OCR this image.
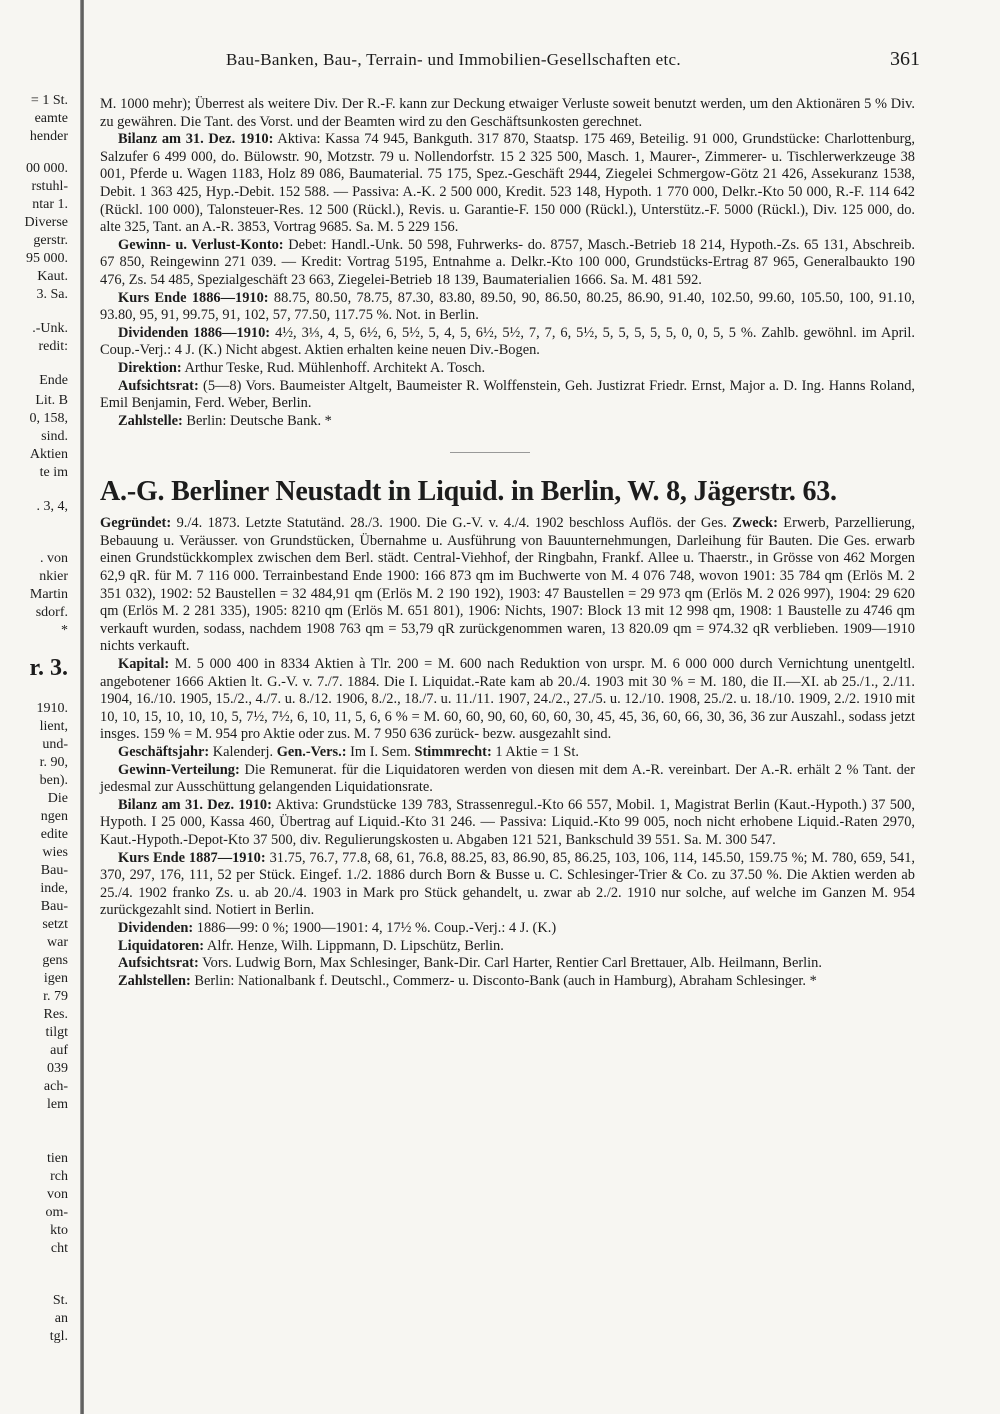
= 1 St.
eamte
hender
00 000.
rstuhl-
ntar 1.
Diverse
gerstr.
95 000.
Kaut.
3. Sa.
.-Unk.
redit:
Ende
Lit. B
0, 158,
sind.
Aktien
te im
. 3, 4,
. von
nkier
Martin
sdorf.
*
r. 3.
1910.
lient,
und-
r. 90,
ben).
Die
ngen
edite
wies
Bau-
inde,
Bau-
setzt
war
gens
igen
r. 79
Res.
tilgt
auf
039
ach-
lem
tien
rch
von
om-
kto
cht
St.
an
tgl.
Bau-Banken, Bau-, Terrain- und Immobilien-Gesellschaften etc.	361

M. 1000 mehr); Überrest als weitere Div. Der R.-F. kann zur Deckung etwaiger Verluste soweit benutzt werden, um den Aktionären 5 % Div. zu gewähren. Die Tant. des Vorst. und der Beamten wird zu den Geschäftsunkosten gerechnet.

Bilanz am 31. Dez. 1910: Aktiva: Kassa 74 945, Bankguth. 317 870, Staatsp. 175 469, Beteilig. 91 000, Grundstücke: Charlottenburg, Salzufer 6 499 000, do. Bülowstr. 90, Motzstr. 79 u. Nollendorfstr. 15 2 325 500, Masch. 1, Maurer-, Zimmerer- u. Tischlerwerkzeuge 38 001, Pferde u. Wagen 1183, Holz 89 086, Baumaterial. 75 175, Spez.-Geschäft 2944, Ziegelei Schmergow-Götz 21 426, Assekuranz 1538, Debit. 1 363 425, Hyp.-Debit. 152 588. — Passiva: A.-K. 2 500 000, Kredit. 523 148, Hypoth. 1 770 000, Delkr.-Kto 50 000, R.-F. 114 642 (Rückl. 100 000), Talonsteuer-Res. 12 500 (Rückl.), Revis. u. Garantie-F. 150 000 (Rückl.), Unterstütz.-F. 5000 (Rückl.), Div. 125 000, do. alte 325, Tant. an A.-R. 3853, Vortrag 9685. Sa. M. 5 229 156.

Gewinn- u. Verlust-Konto: Debet: Handl.-Unk. 50 598, Fuhrwerks- do. 8757, Masch.-Betrieb 18 214, Hypoth.-Zs. 65 131, Abschreib. 67 850, Reingewinn 271 039. — Kredit: Vortrag 5195, Entnahme a. Delkr.-Kto 100 000, Grundstücks-Ertrag 87 965, Generalbaukto 190 476, Zs. 54 485, Spezialgeschäft 23 663, Ziegelei-Betrieb 18 139, Baumaterialien 1666. Sa. M. 481 592.

Kurs Ende 1886—1910: 88.75, 80.50, 78.75, 87.30, 83.80, 89.50, 90, 86.50, 80.25, 86.90, 91.40, 102.50, 99.60, 105.50, 100, 91.10, 93.80, 95, 91, 99.75, 91, 102, 57, 77.50, 117.75 %. Not. in Berlin.

Dividenden 1886—1910: 4½, 3⅓, 4, 5, 6½, 6, 5½, 5, 4, 5, 6½, 5½, 7, 7, 6, 5½, 5, 5, 5, 5, 5, 0, 0, 5, 5 %. Zahlb. gewöhnl. im April. Coup.-Verj.: 4 J. (K.) Nicht abgest. Aktien erhalten keine neuen Div.-Bogen.

Direktion: Arthur Teske, Rud. Mühlenhoff. Architekt A. Tosch.

Aufsichtsrat: (5—8) Vors. Baumeister Altgelt, Baumeister R. Wolffenstein, Geh. Justizrat Friedr. Ernst, Major a. D. Ing. Hanns Roland, Emil Benjamin, Ferd. Weber, Berlin.

Zahlstelle: Berlin: Deutsche Bank. *

A.-G. Berliner Neustadt in Liquid. in Berlin, W. 8, Jägerstr. 63.

Gegründet: 9./4. 1873. Letzte Statutänd. 28./3. 1900. Die G.-V. v. 4./4. 1902 beschloss Auflös. der Ges. Zweck: Erwerb, Parzellierung, Bebauung u. Veräusser. von Grundstücken, Übernahme u. Ausführung von Bauunternehmungen, Darleihung für Bauten. Die Ges. erwarb einen Grundstückkomplex zwischen dem Berl. städt. Central-Viehhof, der Ringbahn, Frankf. Allee u. Thaerstr., in Grösse von 462 Morgen 62,9 qR. für M. 7 116 000. Terrainbestand Ende 1900: 166 873 qm im Buchwerte von M. 4 076 748, wovon 1901: 35 784 qm (Erlös M. 2 351 032), 1902: 52 Baustellen = 32 484,91 qm (Erlös M. 2 190 192), 1903: 47 Baustellen = 29 973 qm (Erlös M. 2 026 997), 1904: 29 620 qm (Erlös M. 2 281 335), 1905: 8210 qm (Erlös M. 651 801), 1906: Nichts, 1907: Block 13 mit 12 998 qm, 1908: 1 Baustelle zu 4746 qm verkauft wurden, sodass, nachdem 1908 763 qm = 53,79 qR zurückgenommen waren, 13 820.09 qm = 974.32 qR verblieben. 1909—1910 nichts verkauft.

Kapital: M. 5 000 400 in 8334 Aktien à Tlr. 200 = M. 600 nach Reduktion von urspr. M. 6 000 000 durch Vernichtung unentgeltl. angebotener 1666 Aktien lt. G.-V. v. 7./7. 1884. Die I. Liquidat.-Rate kam ab 20./4. 1903 mit 30 % = M. 180, die II.—XI. ab 25./1., 2./11. 1904, 16./10. 1905, 15./2., 4./7. u. 8./12. 1906, 8./2., 18./7. u. 11./11. 1907, 24./2., 27./5. u. 12./10. 1908, 25./2. u. 18./10. 1909, 2./2. 1910 mit 10, 10, 15, 10, 10, 10, 5, 7½, 7½, 6, 10, 11, 5, 6, 6 % = M. 60, 60, 90, 60, 60, 60, 30, 45, 45, 36, 60, 66, 30, 36, 36 zur Auszahl., sodass jetzt insges. 159 % = M. 954 pro Aktie oder zus. M. 7 950 636 zurück- bezw. ausgezahlt sind.

Geschäftsjahr: Kalenderj. Gen.-Vers.: Im I. Sem. Stimmrecht: 1 Aktie = 1 St.

Gewinn-Verteilung: Die Remunerat. für die Liquidatoren werden von diesen mit dem A.-R. vereinbart. Der A.-R. erhält 2 % Tant. der jedesmal zur Ausschüttung gelangenden Liquidationsrate.

Bilanz am 31. Dez. 1910: Aktiva: Grundstücke 139 783, Strassenregul.-Kto 66 557, Mobil. 1, Magistrat Berlin (Kaut.-Hypoth.) 37 500, Hypoth. I 25 000, Kassa 460, Übertrag auf Liquid.-Kto 31 246. — Passiva: Liquid.-Kto 99 005, noch nicht erhobene Liquid.-Raten 2970, Kaut.-Hypoth.-Depot-Kto 37 500, div. Regulierungskosten u. Abgaben 121 521, Bankschuld 39 551. Sa. M. 300 547.

Kurs Ende 1887—1910: 31.75, 76.7, 77.8, 68, 61, 76.8, 88.25, 83, 86.90, 85, 86.25, 103, 106, 114, 145.50, 159.75 %; M. 780, 659, 541, 370, 297, 176, 111, 52 per Stück. Eingef. 1./2. 1886 durch Born & Busse u. C. Schlesinger-Trier & Co. zu 37.50 %. Die Aktien werden ab 25./4. 1902 franko Zs. u. ab 20./4. 1903 in Mark pro Stück gehandelt, u. zwar ab 2./2. 1910 nur solche, auf welche im Ganzen M. 954 zurückgezahlt sind. Notiert in Berlin.

Dividenden: 1886—99: 0 %; 1900—1901: 4, 17½ %. Coup.-Verj.: 4 J. (K.)

Liquidatoren: Alfr. Henze, Wilh. Lippmann, D. Lipschütz, Berlin.

Aufsichtsrat: Vors. Ludwig Born, Max Schlesinger, Bank-Dir. Carl Harter, Rentier Carl Brettauer, Alb. Heilmann, Berlin.

Zahlstellen: Berlin: Nationalbank f. Deutschl., Commerz- u. Disconto-Bank (auch in Hamburg), Abraham Schlesinger. *
